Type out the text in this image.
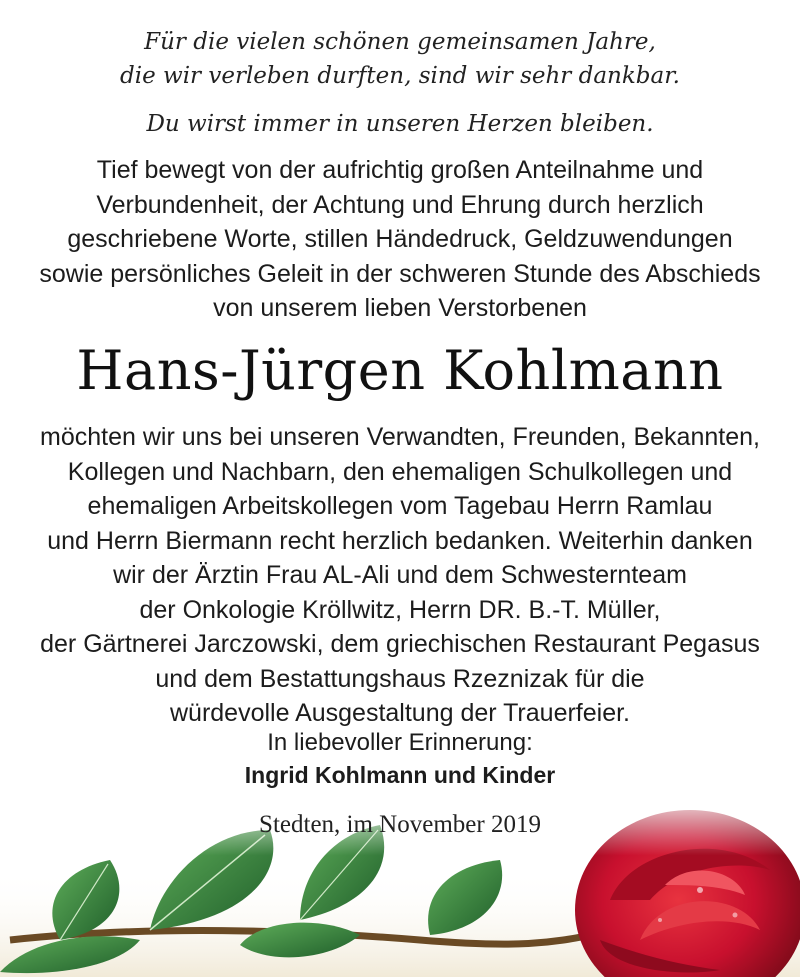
Für die vielen schönen gemeinsamen Jahre,
die wir verleben durften, sind wir sehr dankbar.
Du wirst immer in unseren Herzen bleiben.
Tief bewegt von der aufrichtig großen Anteilnahme und
Verbundenheit, der Achtung und Ehrung durch herzlich
geschriebene Worte, stillen Händedruck, Geldzuwendungen
sowie persönliches Geleit in der schweren Stunde des Abschieds
von unserem lieben Verstorbenen
Hans-Jürgen Kohlmann
möchten wir uns bei unseren Verwandten, Freunden, Bekannten,
Kollegen und Nachbarn, den ehemaligen Schulkollegen und
ehemaligen Arbeitskollegen vom Tagebau Herrn Ramlau
und Herrn Biermann recht herzlich bedanken. Weiterhin danken
wir der Ärztin Frau AL-Ali und dem Schwesternteam
der Onkologie Kröllwitz, Herrn DR. B.-T. Müller,
der Gärtnerei Jarczowski, dem griechischen Restaurant Pegasus
und dem Bestattungshaus Rzeznizak für die
würdevolle Ausgestaltung der Trauerfeier.
In liebevoller Erinnerung:
Ingrid Kohlmann und Kinder
Stedten, im November 2019
